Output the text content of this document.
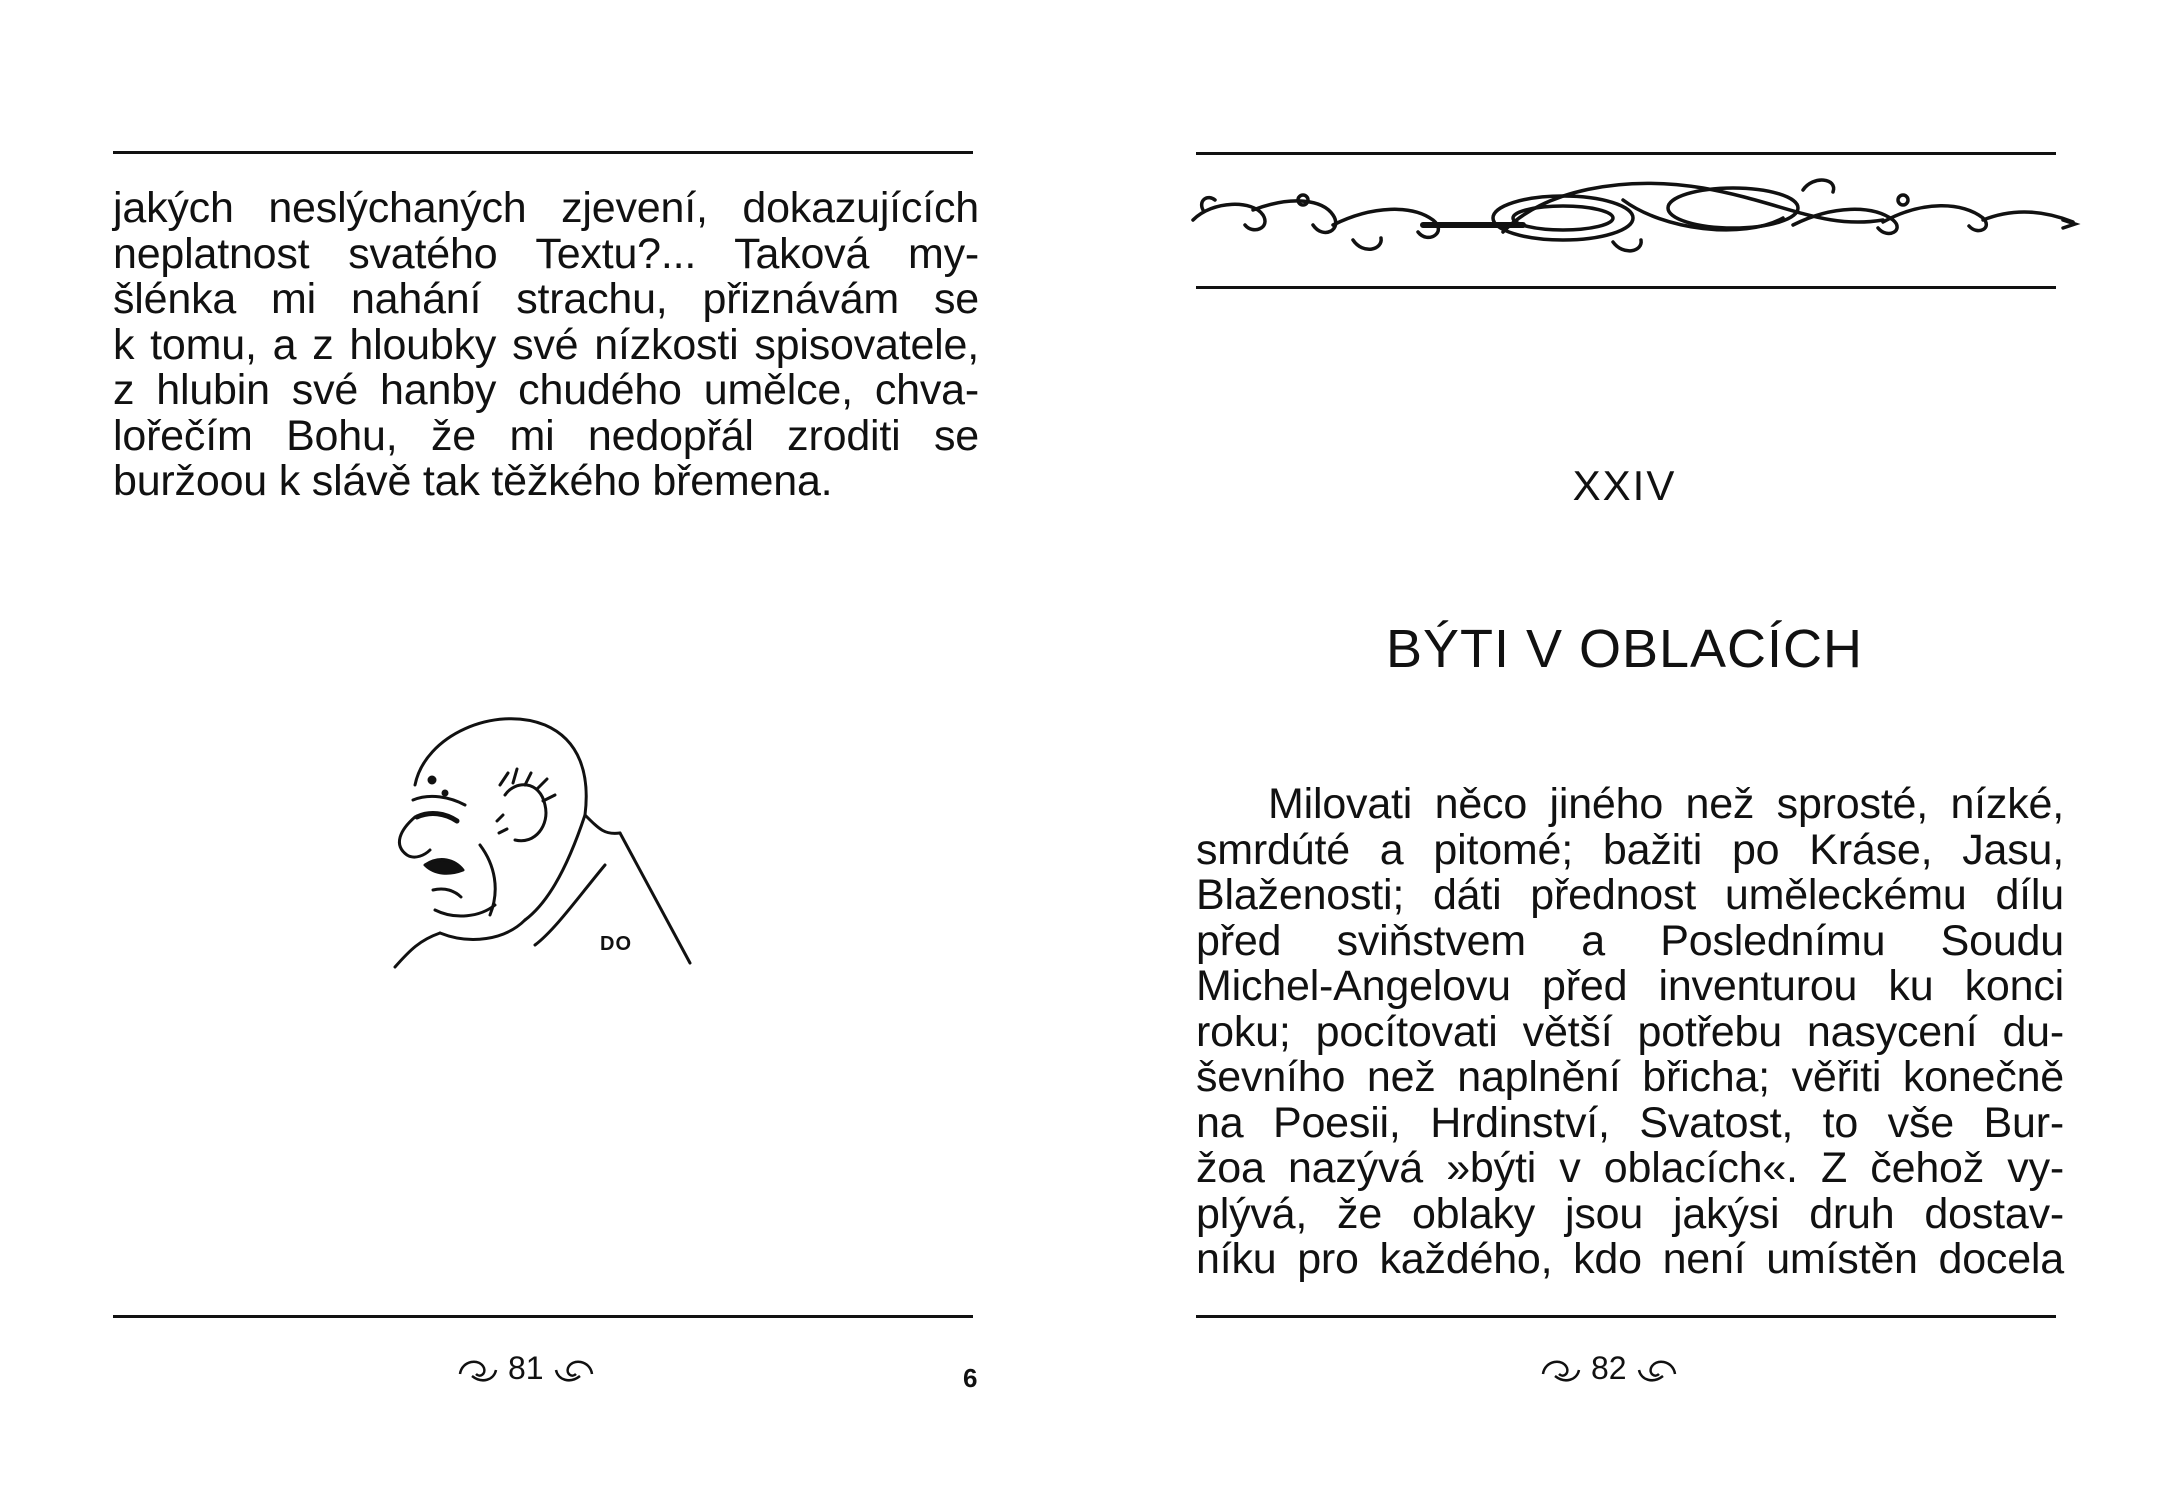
jakých neslýchaných zjevení, dokazujících
neplatnost svatého Textu?... Taková my-
šlénka mi nahání strachu, přiznávám se
k tomu, a z hloubky své nízkosti spisovatele,
z hlubin své hanby chudého umělce, chva-
lořečím Bohu, že mi nedopřál zroditi se
buržoou k slávě tak těžkého břemena.
DO
81	6
XXIV
BÝTI V OBLACÍCH
Milovati něco jiného než sprosté, nízké,
smrdúté a pitomé; bažiti po Kráse, Jasu,
Blaženosti; dáti přednost uměleckému dílu
před sviňstvem a Poslednímu Soudu
Michel-Angelovu před inventurou ku konci
roku; pocítovati větší potřebu nasycení du-
ševního než naplnění břicha; věřiti konečně
na Poesii, Hrdinství, Svatost, to vše Bur-
žoa nazývá »býti v oblacích«. Z čehož vy-
plývá, že oblaky jsou jakýsi druh dostav-
níku pro každého, kdo není umístěn docela
82
